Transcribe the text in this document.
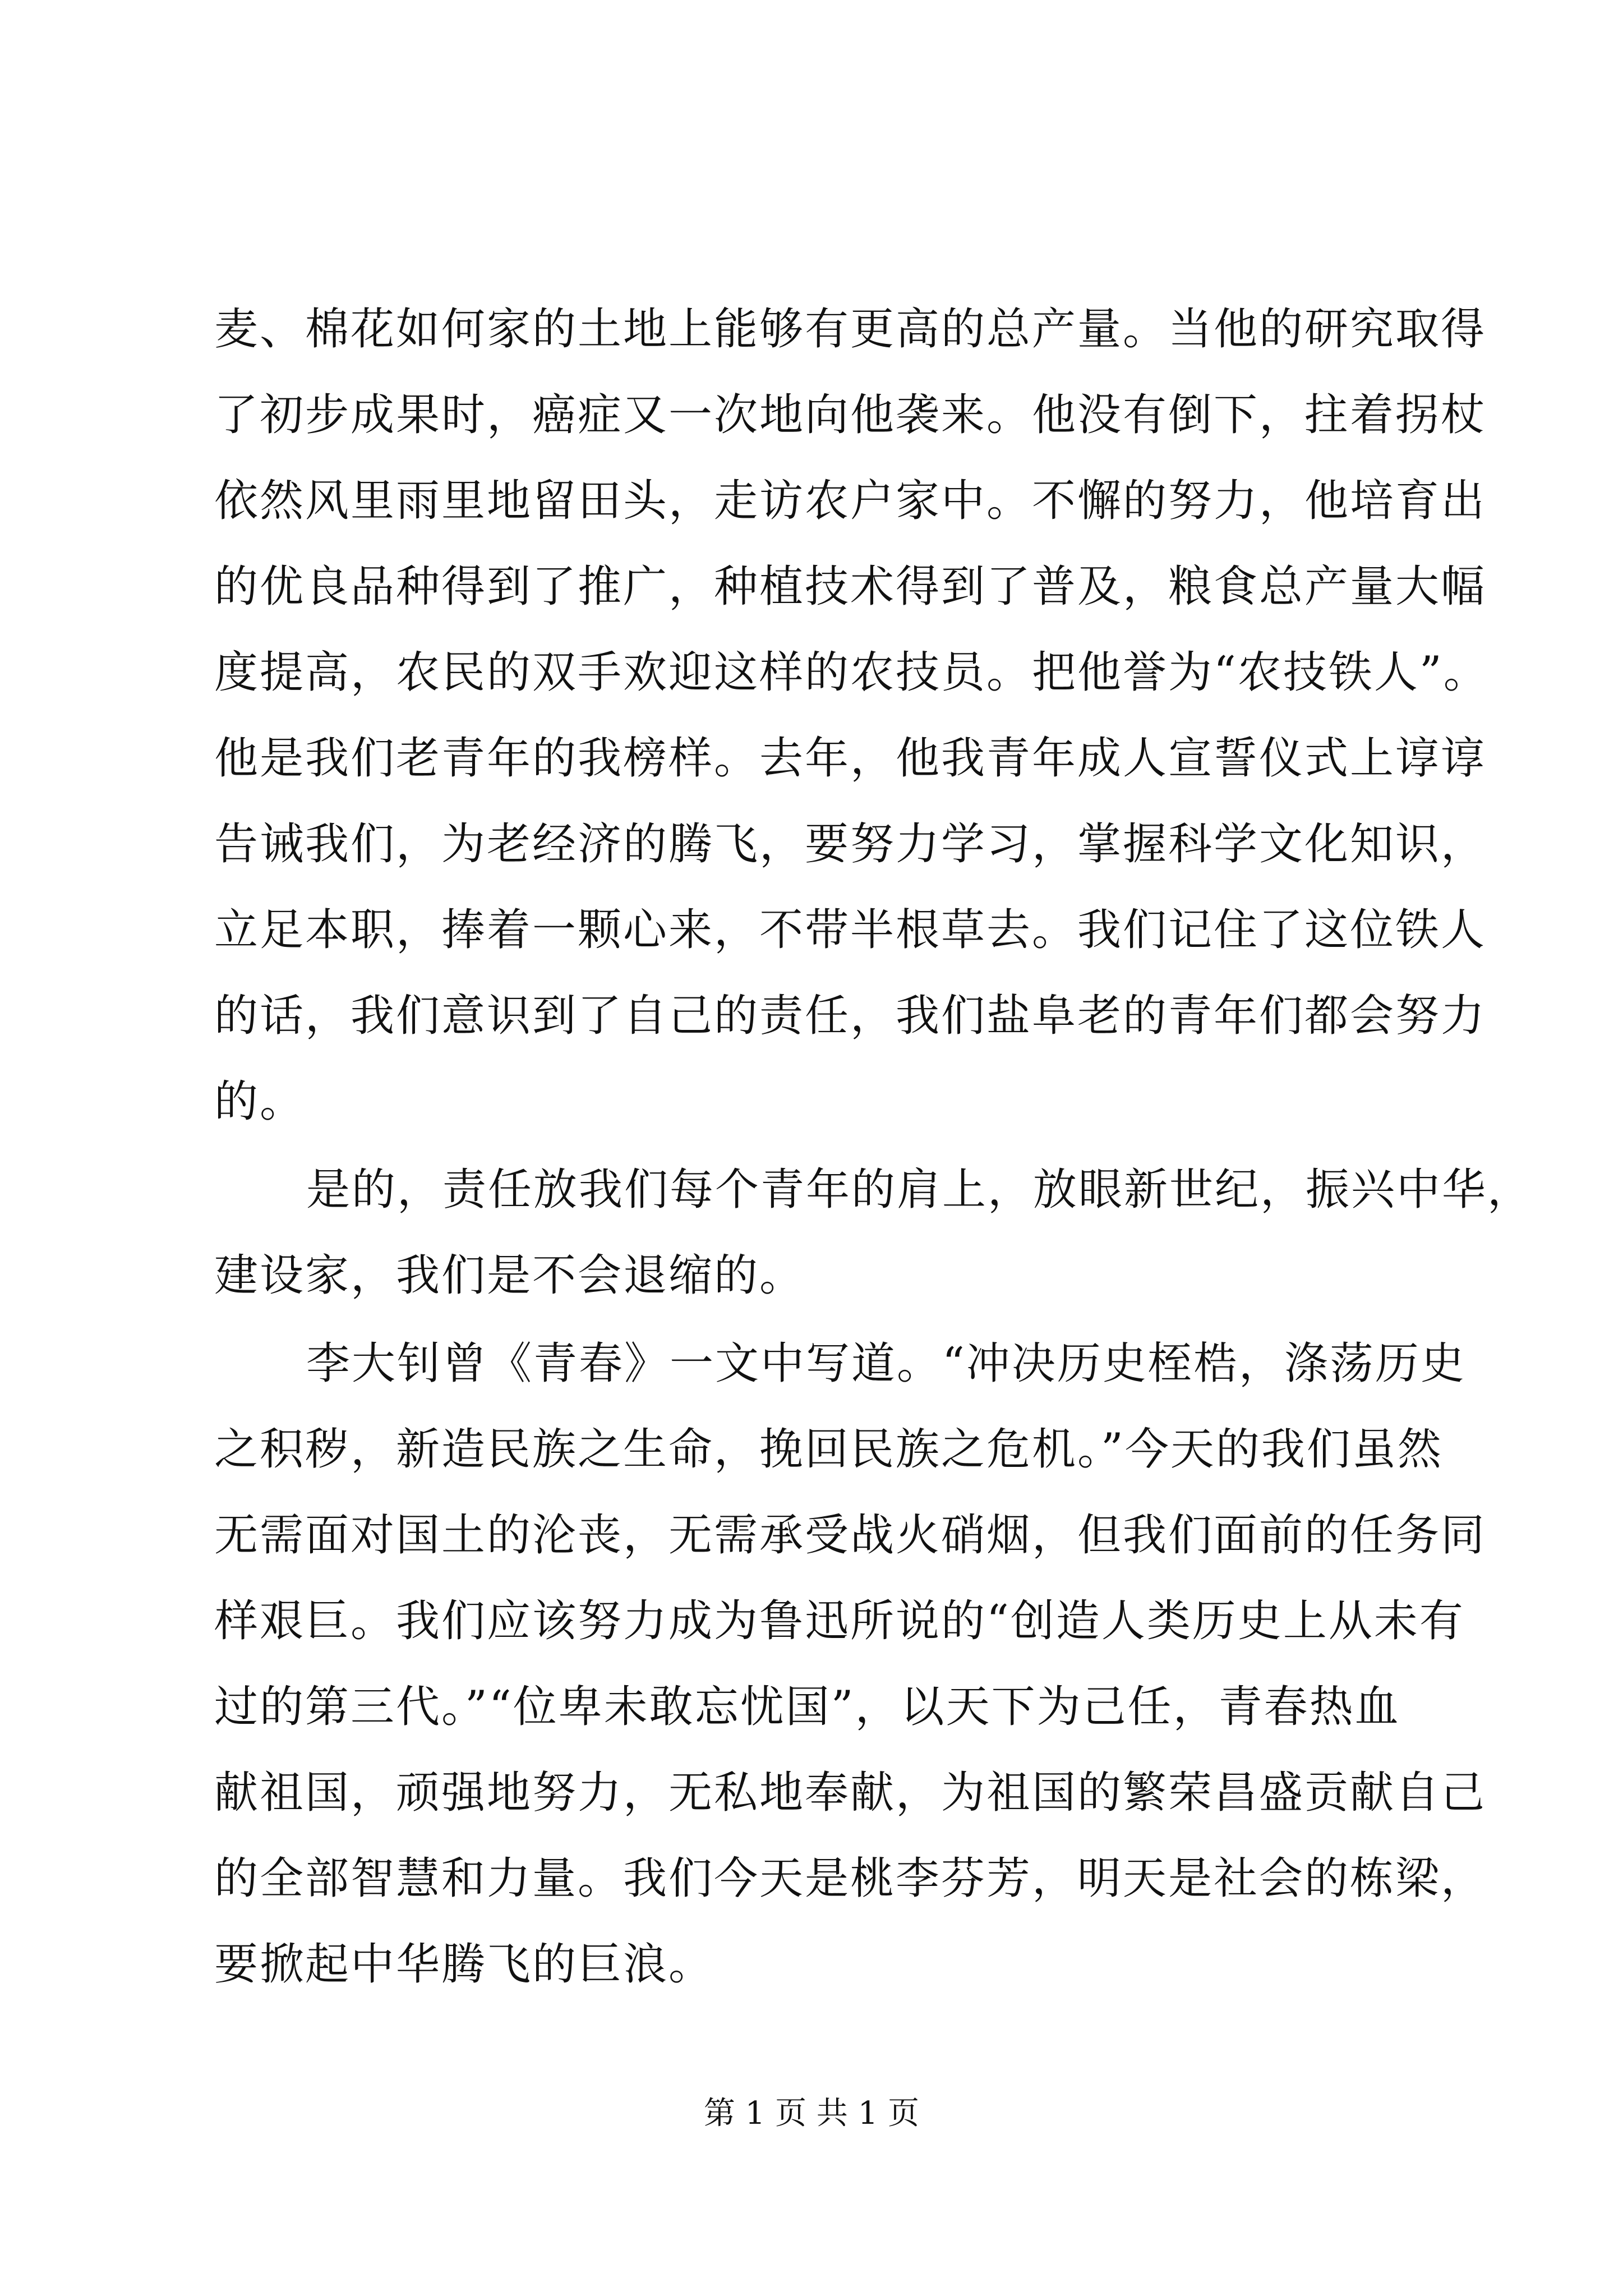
麦、棉花如何家的土地上能够有更高的总产量。当他的研究取得
了初步成果时，癌症又一次地向他袭来。他没有倒下，拄着拐杖
依然风里雨里地留田头，走访农户家中。不懈的努力，他培育出
的优良品种得到了推广，种植技术得到了普及，粮食总产量大幅
度提高，农民的双手欢迎这样的农技员。把他誉为“农技铁人”。
他是我们老青年的我榜样。去年，他我青年成人宣誓仪式上谆谆
告诫我们，为老经济的腾飞，要努力学习，掌握科学文化知识，
立足本职，捧着一颗心来，不带半根草去。我们记住了这位铁人
的话，我们意识到了自己的责任，我们盐阜老的青年们都会努力
的。
是的，责任放我们每个青年的肩上，放眼新世纪，振兴中华，
建设家，我们是不会退缩的。
李大钊曾《青春》一文中写道。“冲决历史桎梏，涤荡历史
之积秽，新造民族之生命，挽回民族之危机。”今天的我们虽然
无需面对国土的沦丧，无需承受战火硝烟，但我们面前的任务同
样艰巨。我们应该努力成为鲁迅所说的“创造人类历史上从未有
过的第三代。”“位卑未敢忘忧国”，以天下为己任，青春热血
献祖国，顽强地努力，无私地奉献，为祖国的繁荣昌盛贡献自己
的全部智慧和力量。我们今天是桃李芬芳，明天是社会的栋梁，
要掀起中华腾飞的巨浪。
第 1 页 共 1 页
